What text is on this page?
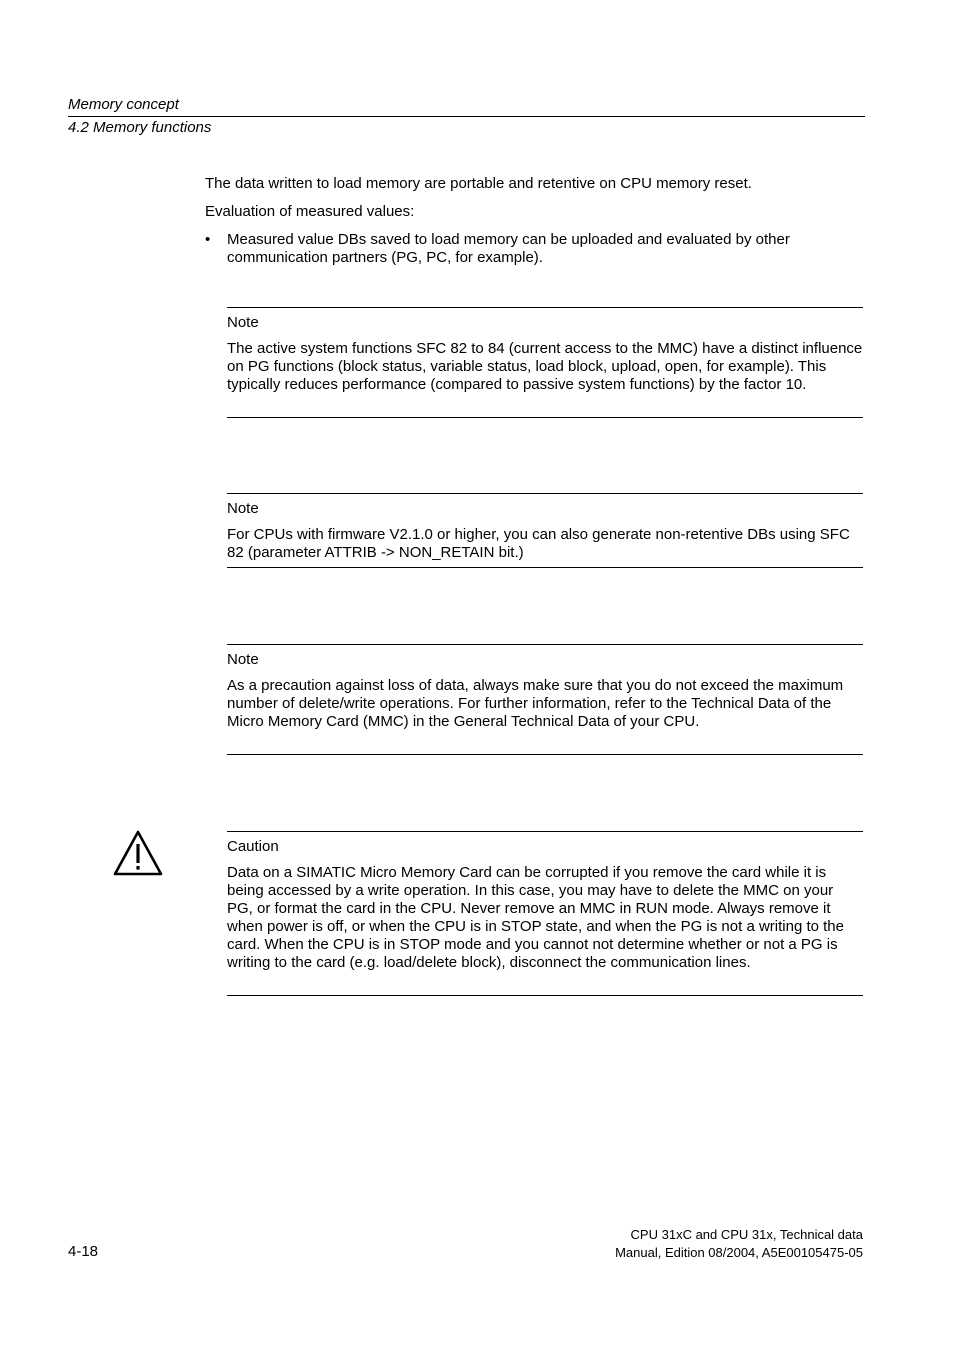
Memory concept
4.2 Memory functions
The data written to load memory are portable and retentive on CPU memory reset.
Evaluation of measured values:
•	Measured value DBs saved to load memory can be uploaded and evaluated by other communication partners (PG, PC, for example).
Note
The active system functions SFC 82 to 84 (current access to the MMC) have a distinct influence on PG functions (block status, variable status, load block, upload, open, for example). This typically reduces performance (compared to passive system functions) by the factor 10.
Note
For CPUs with firmware V2.1.0 or higher, you can also generate non-retentive DBs using SFC 82 (parameter ATTRIB -> NON_RETAIN bit.)
Note
As a precaution against loss of data, always make sure that you do not exceed the maximum number of delete/write operations. For further information, refer to the Technical Data of the Micro Memory Card (MMC) in the General Technical Data of your CPU.
Caution
Data on a SIMATIC Micro Memory Card can be corrupted if you remove the card while it is being accessed by a write operation. In this case, you may have to delete the MMC on your PG, or format the card in the CPU. Never remove an MMC in RUN mode. Always remove it when power is off, or when the CPU is in STOP state, and when the PG is not a writing to the card. When the CPU is in STOP mode and you cannot not determine whether or not a PG is writing to the card (e.g. load/delete block), disconnect the communication lines.
4-18
CPU 31xC and CPU 31x, Technical data
Manual, Edition 08/2004, A5E00105475-05
